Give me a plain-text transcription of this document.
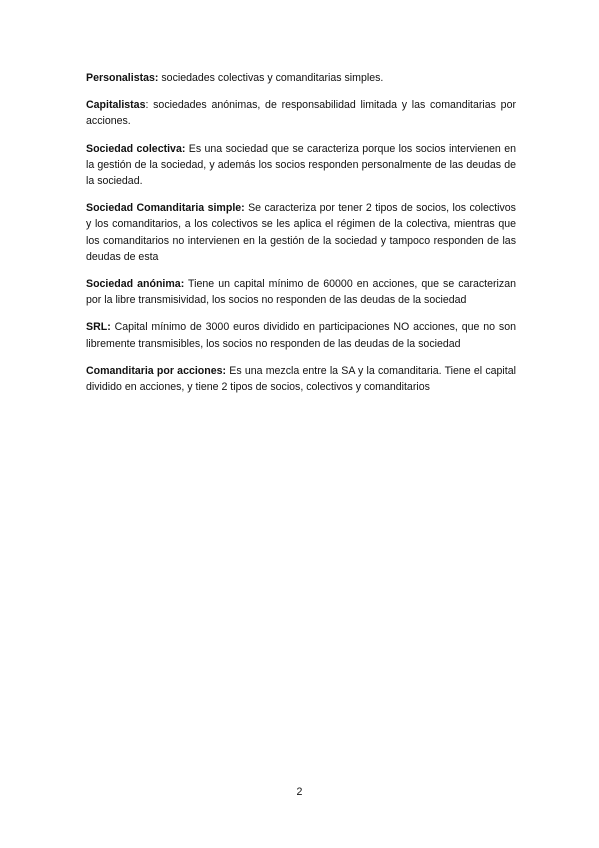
Personalistas: sociedades colectivas y comanditarias simples.

Capitalistas: sociedades anónimas, de responsabilidad limitada y las comanditarias por acciones.

Sociedad colectiva: Es una sociedad que se caracteriza porque los socios intervienen en la gestión de la sociedad, y además los socios responden personalmente de las deudas de la sociedad.

Sociedad Comanditaria simple: Se caracteriza por tener 2 tipos de socios, los colectivos y los comanditarios, a los colectivos se les aplica el régimen de la colectiva, mientras que los comanditarios no intervienen en la gestión de la sociedad y tampoco responden de las deudas de esta

Sociedad anónima: Tiene un capital mínimo de 60000 en acciones, que se caracterizan por la libre transmisividad, los socios no responden de las deudas de la sociedad

SRL: Capital mínimo de 3000 euros dividido en participaciones NO acciones, que no son libremente transmisibles, los socios no responden de las deudas de la sociedad

Comanditaria por acciones: Es una mezcla entre la SA y la comanditaria. Tiene el capital dividido en acciones, y tiene 2 tipos de socios, colectivos y comanditarios

2
